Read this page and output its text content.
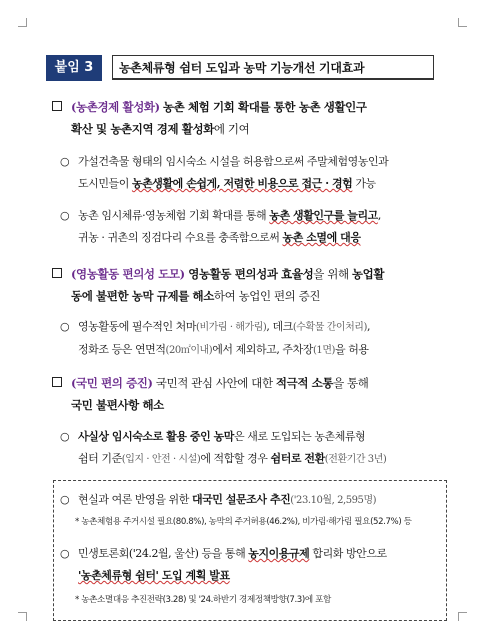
붙임 3	농촌체류형 쉼터 도입과 농막 기능개선 기대효과
(농촌경제 활성화) 농촌 체험 기회 확대를 통한 농촌 생활인구
확산 및 농촌지역 경제 활성화에 기여
○ 가설건축물 형태의 임시숙소 시설을 허용함으로써 주말체험영농인과
도시민들이 농촌생활에 손쉽게, 저렴한 비용으로 접근 · 경험 가능
○ 농촌 임시체류·영농체험 기회 확대를 통해 농촌 생활인구를 늘리고,
귀농 · 귀촌의 징검다리 수요를 충족함으로써 농촌 소멸에 대응
(영농활동 편의성 도모) 영농활동 편의성과 효율성을 위해 농업활
동에 불편한 농막 규제를 해소하여 농업인 편의 증진
○ 영농활동에 필수적인 처마(비가림 · 해가림), 데크(수확물 간이처리),
정화조 등은 연면적(20㎡이내)에서 제외하고, 주차장(1면)을 허용
(국민 편의 증진) 국민적 관심 사안에 대한 적극적 소통을 통해
국민 불편사항 해소
○ 사실상 임시숙소로 활용 중인 농막은 새로 도입되는 농촌체류형
쉼터 기준(입지 · 안전 · 시설)에 적합할 경우 쉼터로 전환(전환기간 3년)
○ 현실과 여론 반영을 위한 대국민 설문조사 추진('23.10월, 2,595명)
* 농촌체험용 주거시설 필요(80.8%), 농막의 주거허용(46.2%), 비가림·해가림 필요(52.7%) 등
○ 민생토론회('24.2월, 울산) 등을 통해 농지이용규제 합리화 방안으로
'농촌체류형 쉼터' 도입 계획 발표
* 농촌소멸대응 추진전략(3.28) 및 '24.하반기 경제정책방향(7.3)에 포함
